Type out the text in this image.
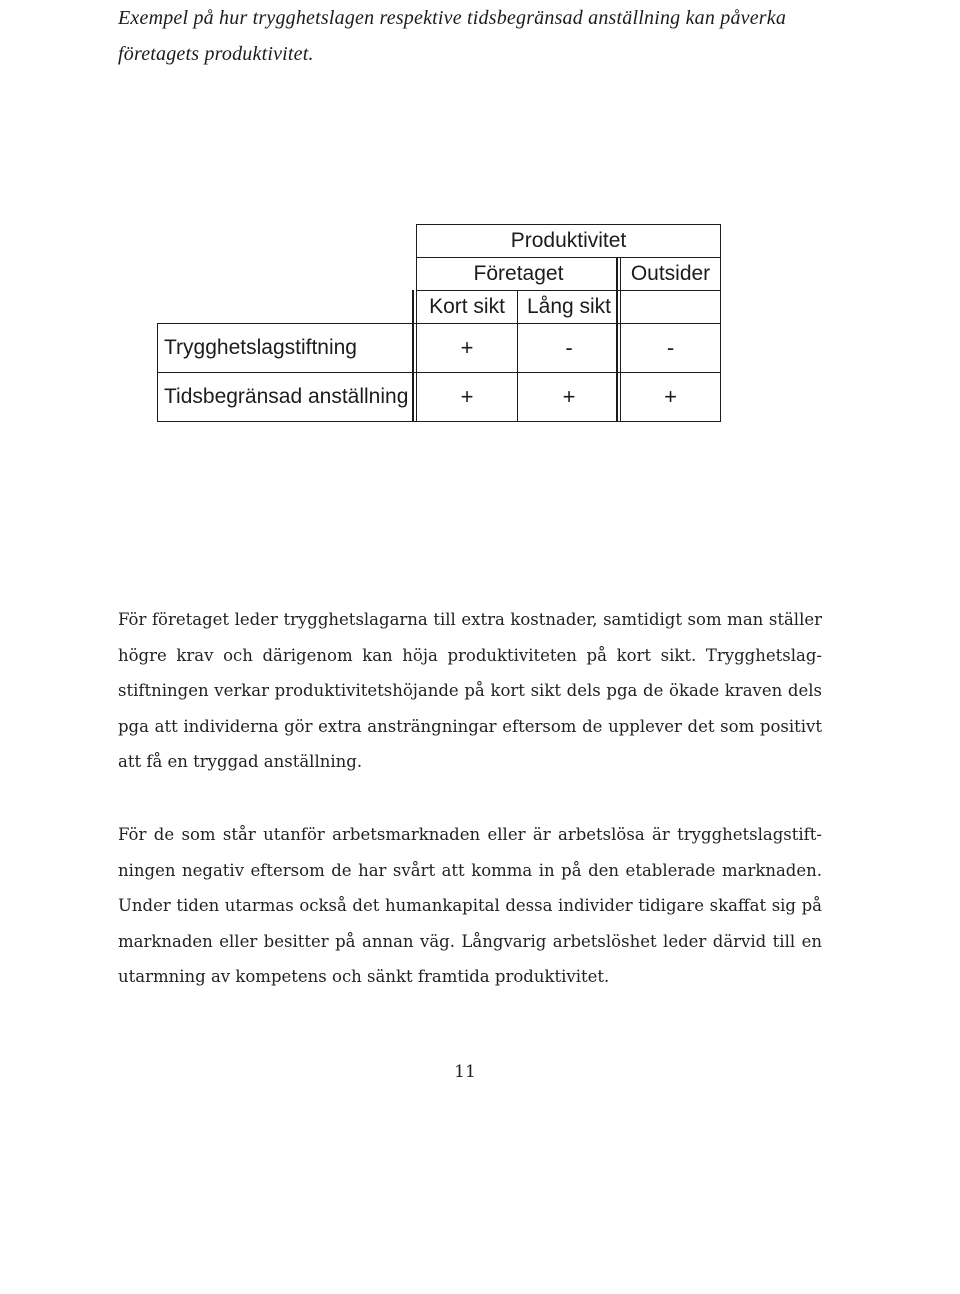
Exempel på hur trygghetslagen respektive tidsbegränsad anställning kan påverka företagets produktivitet.
Produktivitet
Företaget	Outsider
Kort sikt	Lång sikt
Trygghetslagstiftning	+	-	-
Tidsbegränsad anställning	+	+	+
För företaget leder trygghetslagarna till extra kostnader, samtidigt som man ställer högre krav och därigenom kan höja produktiviteten på kort sikt. Trygghetslagstiftningen verkar produktivitetshöjande på kort sikt dels pga de ökade kraven dels pga att individerna gör extra ansträngningar eftersom de upplever det som positivt att få en tryggad anställning.
För de som står utanför arbetsmarknaden eller är arbetslösa är trygghetslagstiftningen negativ eftersom de har svårt att komma in på den etablerade marknaden. Under tiden utarmas också det humankapital dessa individer tidigare skaffat sig på marknaden eller besitter på annan väg. Långvarig arbetslöshet leder därvid till en utarmning av kompetens och sänkt framtida produktivitet.
11
